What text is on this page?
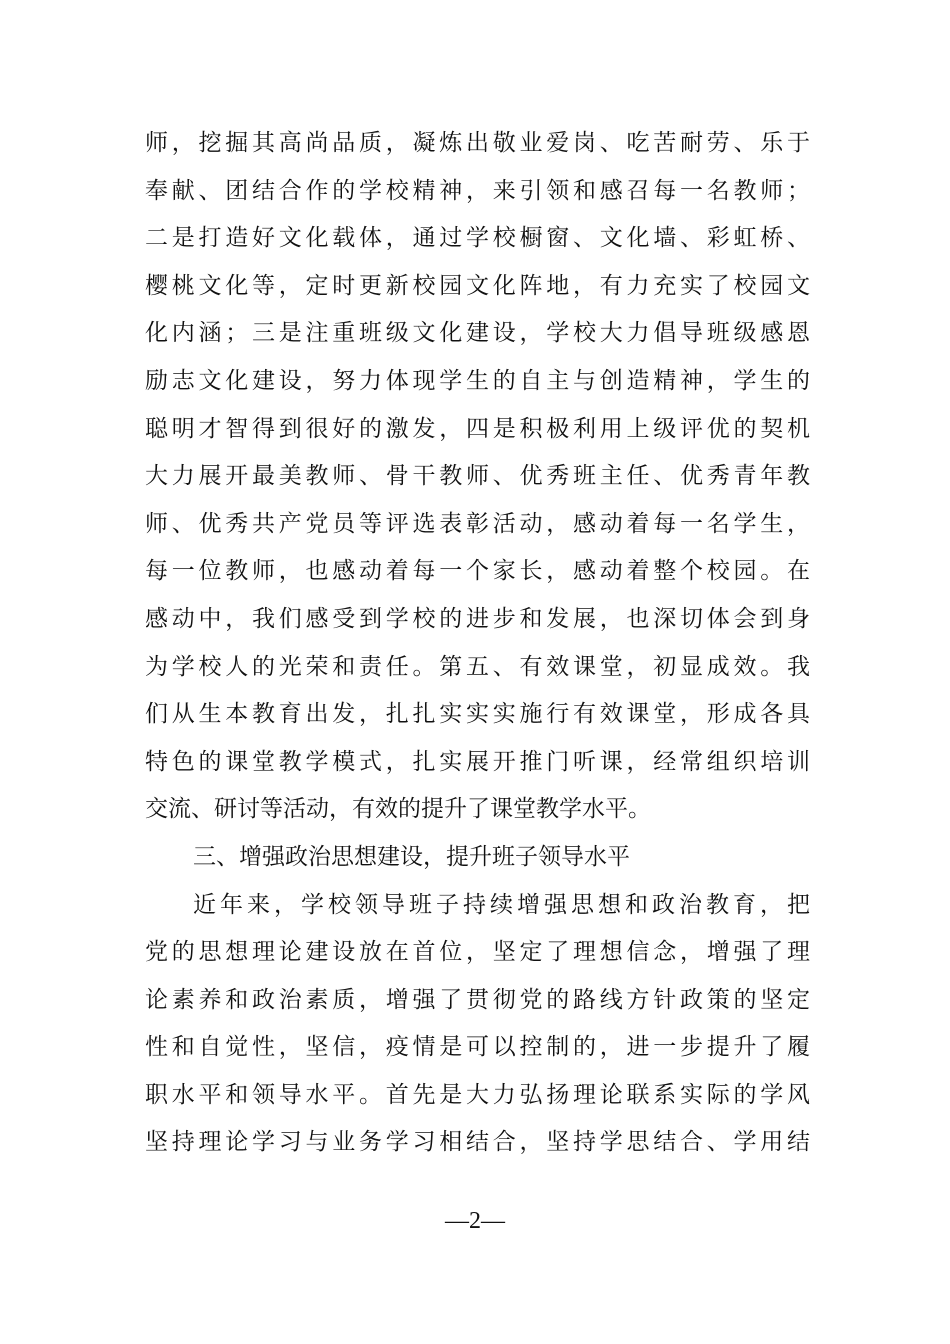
师，挖掘其高尚品质，凝炼出敬业爱岗、吃苦耐劳、乐于
奉献、团结合作的学校精神，来引领和感召每一名教师；
二是打造好文化载体，通过学校橱窗、文化墙、彩虹桥、
樱桃文化等，定时更新校园文化阵地，有力充实了校园文
化内涵；三是注重班级文化建设，学校大力倡导班级感恩
励志文化建设，努力体现学生的自主与创造精神，学生的
聪明才智得到很好的激发，四是积极利用上级评优的契机
大力展开最美教师、骨干教师、优秀班主任、优秀青年教
师、优秀共产党员等评选表彰活动，感动着每一名学生，
每一位教师，也感动着每一个家长，感动着整个校园。在
感动中，我们感受到学校的进步和发展，也深切体会到身
为学校人的光荣和责任。第五、有效课堂，初显成效。我
们从生本教育出发，扎扎实实实施行有效课堂，形成各具
特色的课堂教学模式，扎实展开推门听课，经常组织培训
交流、研讨等活动，有效的提升了课堂教学水平。
三、增强政治思想建设，提升班子领导水平
近年来，学校领导班子持续增强思想和政治教育，把
党的思想理论建设放在首位，坚定了理想信念，增强了理
论素养和政治素质，增强了贯彻党的路线方针政策的坚定
性和自觉性，坚信，疫情是可以控制的，进一步提升了履
职水平和领导水平。首先是大力弘扬理论联系实际的学风
坚持理论学习与业务学习相结合，坚持学思结合、学用结
—2—
